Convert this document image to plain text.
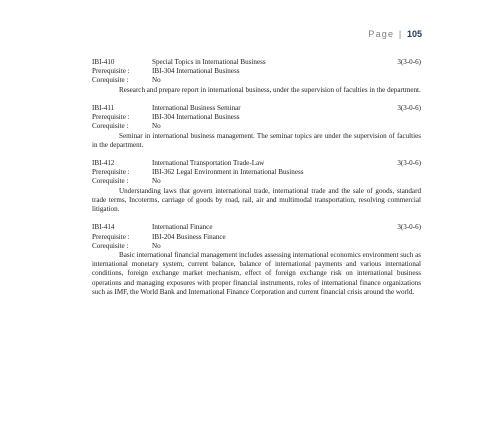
Page | 105
IBI-410	Special Topics in International Business	3(3-0-6)
Prerequisite :	IBI-304 International Business
Corequisite :	No

Research and prepare report in international business, under the supervision of faculties in the department.

IBI-411	International Business Seminar	3(3-0-6)
Prerequisite :	IBI-304 International Business
Corequisite :	No

Seminar in international business management. The seminar topics are under the supervision of faculties in the department.

IBI-412	International Transportation Trade-Law	3(3-0-6)
Prerequisite :	IBI-362 Legal Environment in International Business
Corequisite :	No

Understanding laws that govern international trade, international trade and the sale of goods, standard trade terms, Incoterms, carriage of goods by road, rail, air and multimodal transportation, resolving commercial litigation.

IBI-414	International Finance	3(3-0-6)
Prerequisite :	IBI-204 Business Finance
Corequisite :	No

Basic international financial management includes assessing international economics environment such as international monetary system, current balance, balance of international payments and various international conditions, foreign exchange market mechanism, effect of foreign exchange risk on international business operations and managing exposures with proper financial instruments, roles of international finance organizations such as IMF, the World Bank and International Finance Corporation and current financial crisis around the world.
